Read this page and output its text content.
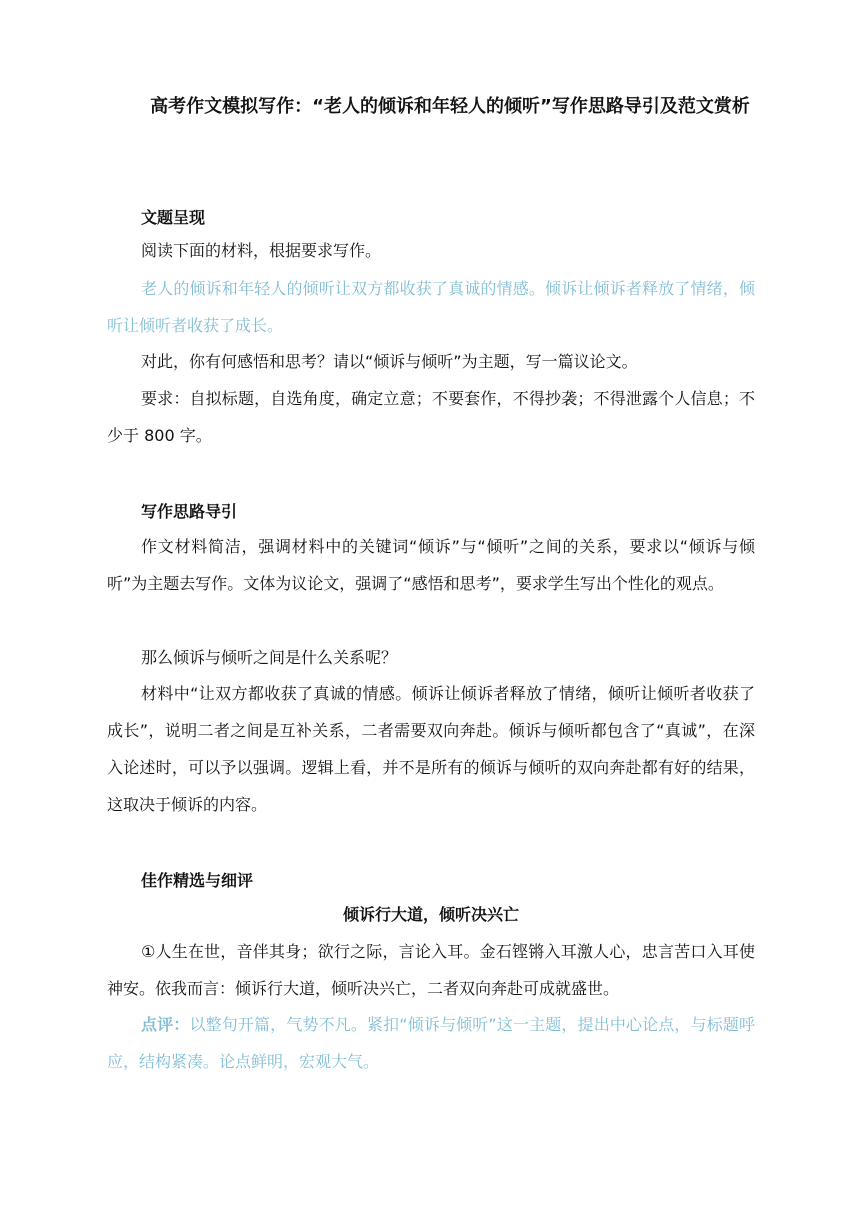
高考作文模拟写作：“老人的倾诉和年轻人的倾听”写作思路导引及范文赏析
文题呈现
阅读下面的材料，根据要求写作。
老人的倾诉和年轻人的倾听让双方都收获了真诚的情感。倾诉让倾诉者释放了情绪，倾听让倾听者收获了成长。
对此，你有何感悟和思考？请以“倾诉与倾听”为主题，写一篇议论文。
要求：自拟标题，自选角度，确定立意；不要套作，不得抄袭；不得泄露个人信息；不少于 800 字。
写作思路导引
作文材料简洁，强调材料中的关键词“倾诉”与“倾听”之间的关系，要求以“倾诉与倾听”为主题去写作。文体为议论文，强调了“感悟和思考”，要求学生写出个性化的观点。
那么倾诉与倾听之间是什么关系呢？
材料中“让双方都收获了真诚的情感。倾诉让倾诉者释放了情绪，倾听让倾听者收获了成长”，说明二者之间是互补关系，二者需要双向奔赴。倾诉与倾听都包含了“真诚”，在深入论述时，可以予以强调。逻辑上看，并不是所有的倾诉与倾听的双向奔赴都有好的结果，这取决于倾诉的内容。
佳作精选与细评
倾诉行大道，倾听决兴亡
①人生在世，音伴其身；欲行之际，言论入耳。金石铿锵入耳激人心，忠言苦口入耳使神安。依我而言：倾诉行大道，倾听决兴亡，二者双向奔赴可成就盛世。
点评：以整句开篇，气势不凡。紧扣“倾诉与倾听”这一主题，提出中心论点，与标题呼应，结构紧凑。论点鲜明，宏观大气。
